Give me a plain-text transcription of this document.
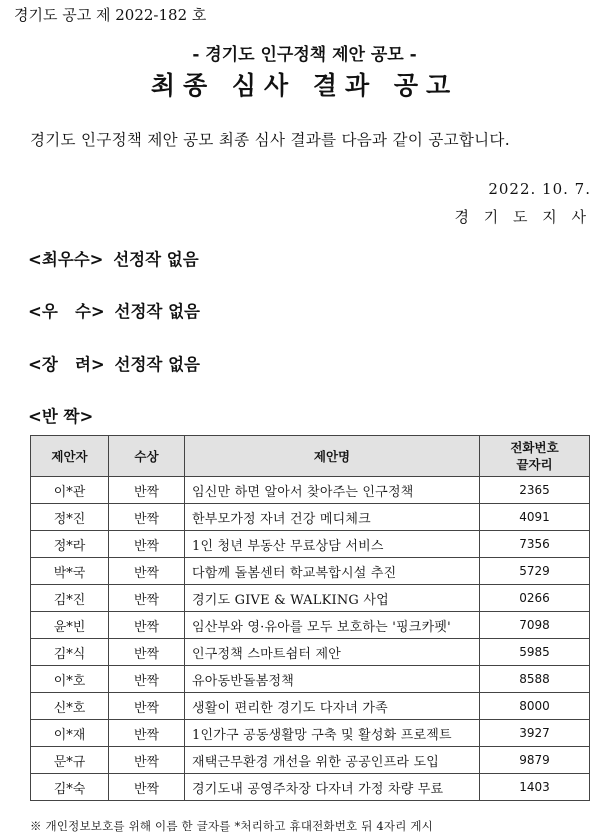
경기도 공고 제 2022-182 호
- 경기도 인구정책 제안 공모 -
최종 심사 결과 공고
경기도 인구정책 제안 공모 최종 심사 결과를 다음과 같이 공고합니다.
2022. 10. 7.
경 기 도 지 사
<최우수> 선정작 없음
<우   수> 선정작 없음
<장   려> 선정작 없음
<반 짝>
제안자	수상	제안명	전화번호
끝자리
이*관	반짝	임신만 하면 알아서 찾아주는 인구정책	2365
정*진	반짝	한부모가정 자녀 건강 메디체크	4091
정*라	반짝	1인 청년 부동산 무료상담 서비스	7356
박*국	반짝	다함께 돌봄센터 학교복합시설 추진	5729
김*진	반짝	경기도 GIVE & WALKING 사업	0266
윤*빈	반짝	임산부와 영·유아를 모두 보호하는 '핑크카펫'	7098
김*식	반짝	인구정책 스마트쉼터 제안	5985
이*호	반짝	유아동반돌봄정책	8588
신*호	반짝	생활이 편리한 경기도 다자녀 가족	8000
이*재	반짝	1인가구 공동생활망 구축 및 활성화 프로젝트	3927
문*규	반짝	재택근무환경 개선을 위한 공공인프라 도입	9879
김*숙	반짝	경기도내 공영주차장 다자녀 가정 차량 무료	1403
※ 개인정보보호를 위해 이름 한 글자를 *처리하고 휴대전화번호 뒤 4자리 게시
